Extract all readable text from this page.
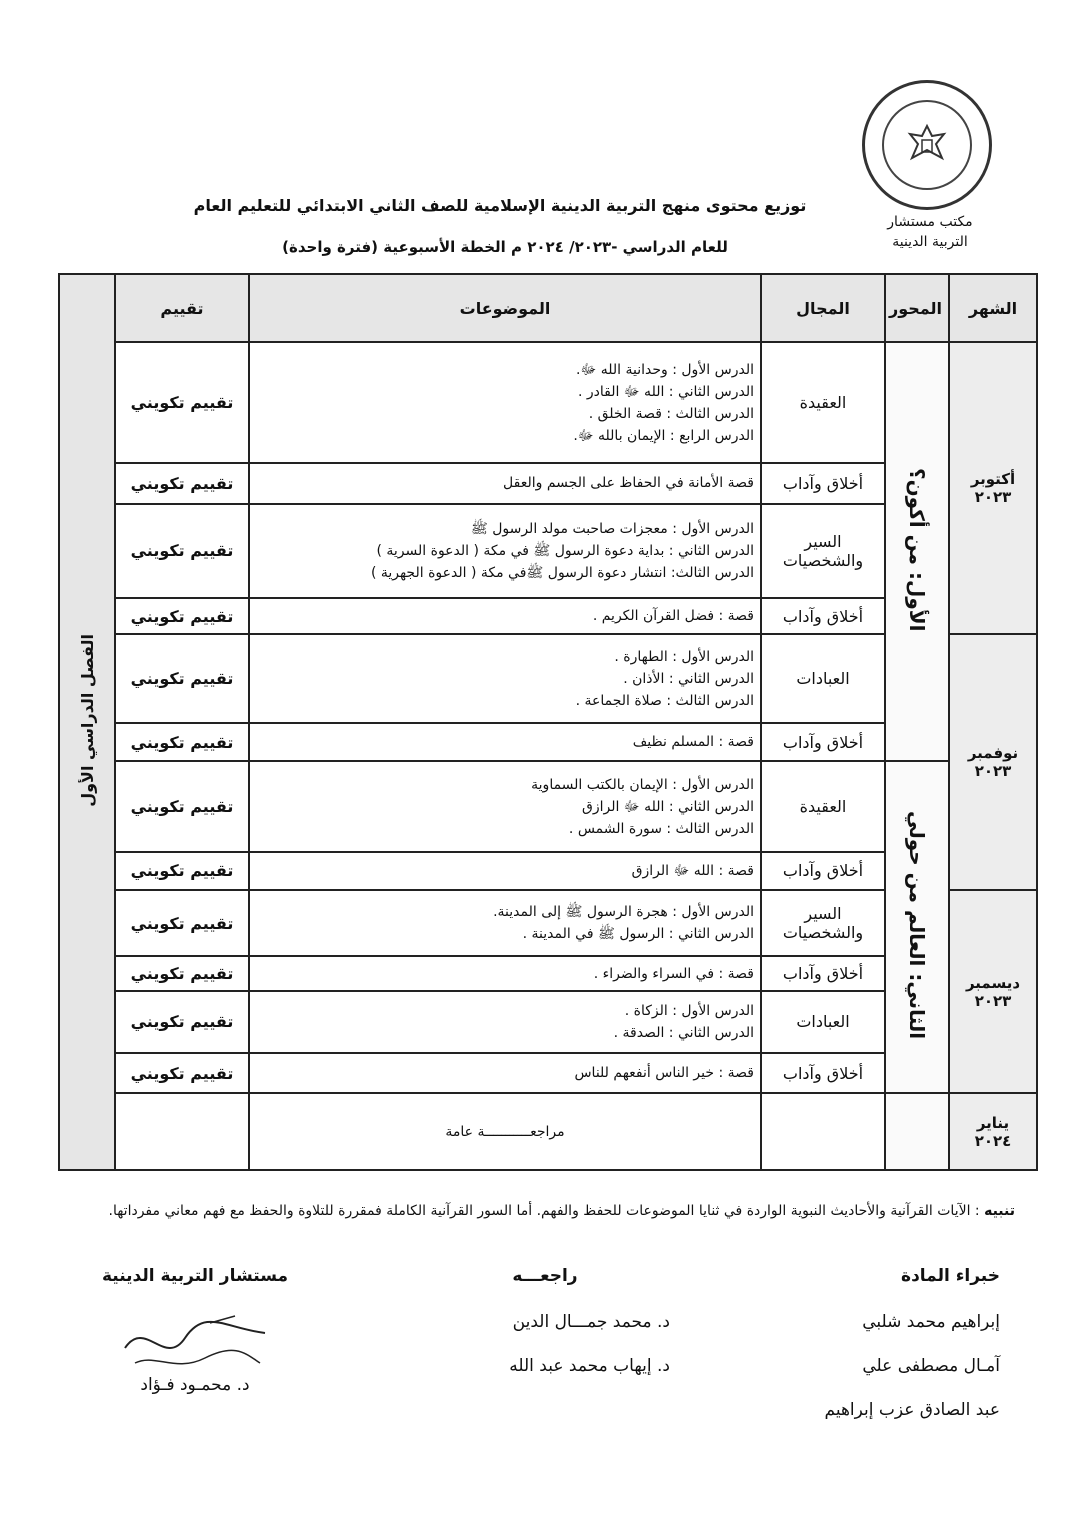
مكتب مستشار
التربية الدينية
توزيع محتوى منهج التربية الدينية الإسلامية للصف الثاني الابتدائي للتعليم العام
للعام الدراسي -٢٠٢٣/ ٢٠٢٤ م الخطة الأسبوعية (فترة واحدة)
الشهر	المحور	المجال	الموضوعات	تقييم	الفصل الدراسي الأول
أكتوبر ٢٠٢٣	الأول: من أكون؟	العقيدة	الدرس الأول : وحدانية الله ﷻ.
الدرس الثاني : الله ﷻ القادر .
الدرس الثالث : قصة الخلق .
الدرس الرابع : الإيمان بالله ﷻ.	تقييم تكويني	
		أخلاق وآداب	قصة الأمانة في الحفاظ على الجسم والعقل	تقييم تكويني	
		السير والشخصيات	الدرس الأول : معجزات صاحبت مولد الرسول ﷺ
الدرس الثاني : بداية دعوة الرسول ﷺ في مكة ( الدعوة السرية )
الدرس الثالث: انتشار دعوة الرسول ﷺفي مكة ( الدعوة الجهرية )	تقييم تكويني	
		أخلاق وآداب	قصة : فضل القرآن الكريم .	تقييم تكويني	
نوفمبر ٢٠٢٣		العبادات	الدرس الأول : الطهارة .
الدرس الثاني : الأذان .
الدرس الثالث : صلاة الجماعة .	تقييم تكويني	
		أخلاق وآداب	قصة : المسلم نظيف	تقييم تكويني	
	الثاني: العالم من حولي	العقيدة	الدرس الأول : الإيمان بالكتب السماوية
الدرس الثاني : الله ﷻ الرازق
الدرس الثالث : سورة الشمس .	تقييم تكويني	
		أخلاق وآداب	قصة : الله ﷻ الرازق	تقييم تكويني	
ديسمبر ٢٠٢٣		السير والشخصيات	الدرس الأول : هجرة الرسول ﷺ إلى المدينة.
الدرس الثاني : الرسول ﷺ في المدينة .	تقييم تكويني	
		أخلاق وآداب	قصة : في السراء والضراء .	تقييم تكويني	
		العبادات	الدرس الأول : الزكاة .
الدرس الثاني : الصدقة .	تقييم تكويني	
		أخلاق وآداب	قصة : خير الناس أنفعهم للناس	تقييم تكويني	
يناير ٢٠٢٤			مراجعـــــــــــة عامة		
تنبيه : الآيات القرآنية والأحاديث النبوية الواردة في ثنايا الموضوعات للحفظ والفهم. أما السور القرآنية الكاملة فمقررة للتلاوة والحفظ مع فهم معاني مفرداتها.
خبراء المادة
إبراهيم محمد شلبي
آمـال مصطفى علي
عبد الصادق عزب إبراهيم
راجعـــه
د. محمد جمـــال الدين
د. إيهاب محمد عبد الله
مستشار التربية الدينية
د. محمـود فـؤاد
